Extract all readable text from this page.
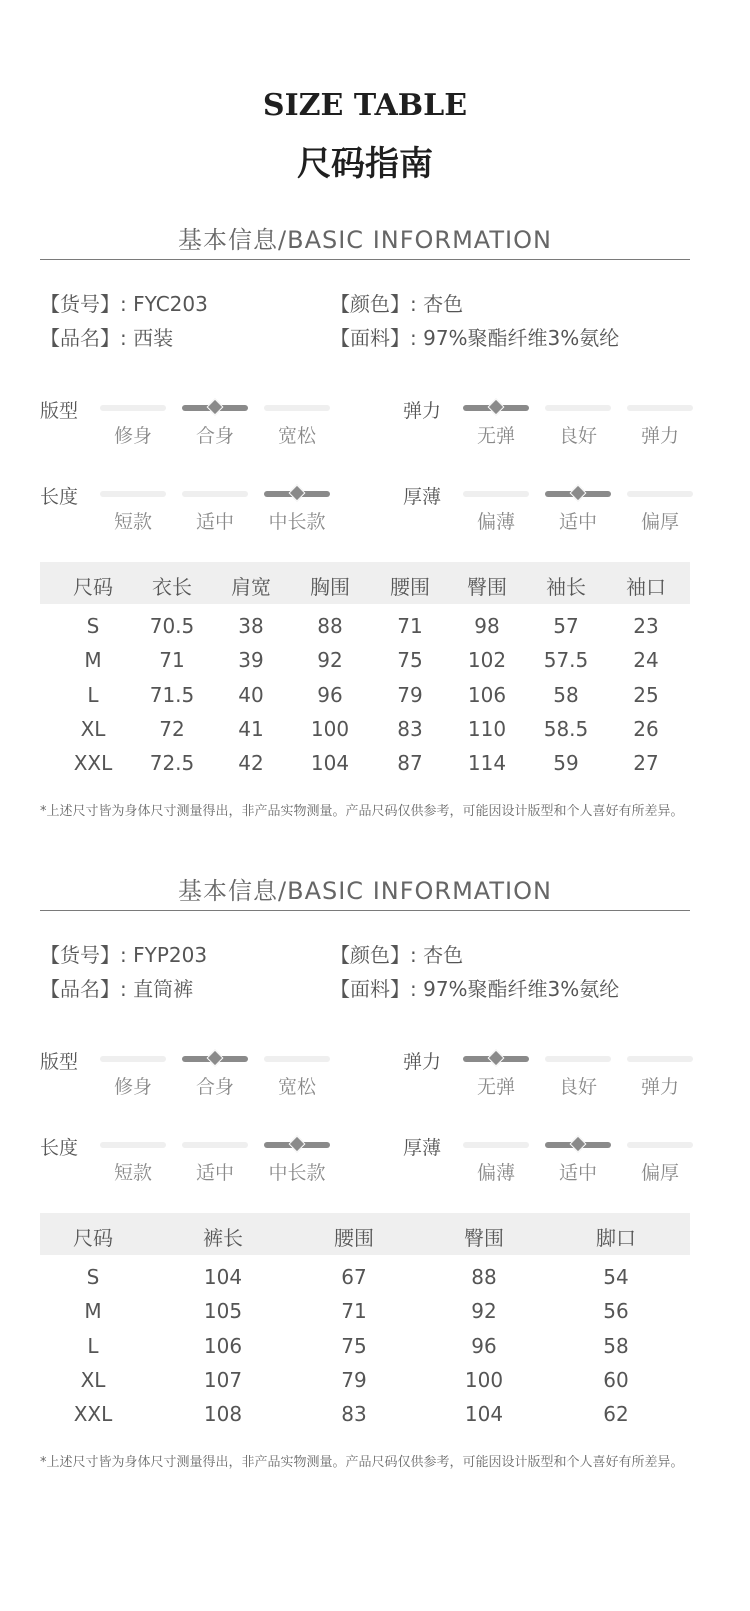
SIZE TABLE
尺码指南
基本信息/BASIC INFORMATION
【货号】: FYC203
【品名】: 西装
【颜色】: 杏色
【面料】: 97%聚酯纤维3%氨纶
版型
修身	合身	宽松
弹力
无弹	良好	弹力
长度
短款	适中	中长款
厚薄
偏薄	适中	偏厚
尺码	衣长	肩宽	胸围	腰围	臀围	袖长	袖口
S	70.5	38	88	71	98	57	23
M	71	39	92	75	102	57.5	24
L	71.5	40	96	79	106	58	25
XL	72	41	100	83	110	58.5	26
XXL	72.5	42	104	87	114	59	27
*上述尺寸皆为身体尺寸测量得出，非产品实物测量。产品尺码仅供参考，可能因设计版型和个人喜好有所差异。
基本信息/BASIC INFORMATION
【货号】: FYP203
【品名】: 直筒裤
【颜色】: 杏色
【面料】: 97%聚酯纤维3%氨纶
版型
修身	合身	宽松
弹力
无弹	良好	弹力
长度
短款	适中	中长款
厚薄
偏薄	适中	偏厚
尺码	裤长	腰围	臀围	脚口
S	104	67	88	54
M	105	71	92	56
L	106	75	96	58
XL	107	79	100	60
XXL	108	83	104	62
*上述尺寸皆为身体尺寸测量得出，非产品实物测量。产品尺码仅供参考，可能因设计版型和个人喜好有所差异。
